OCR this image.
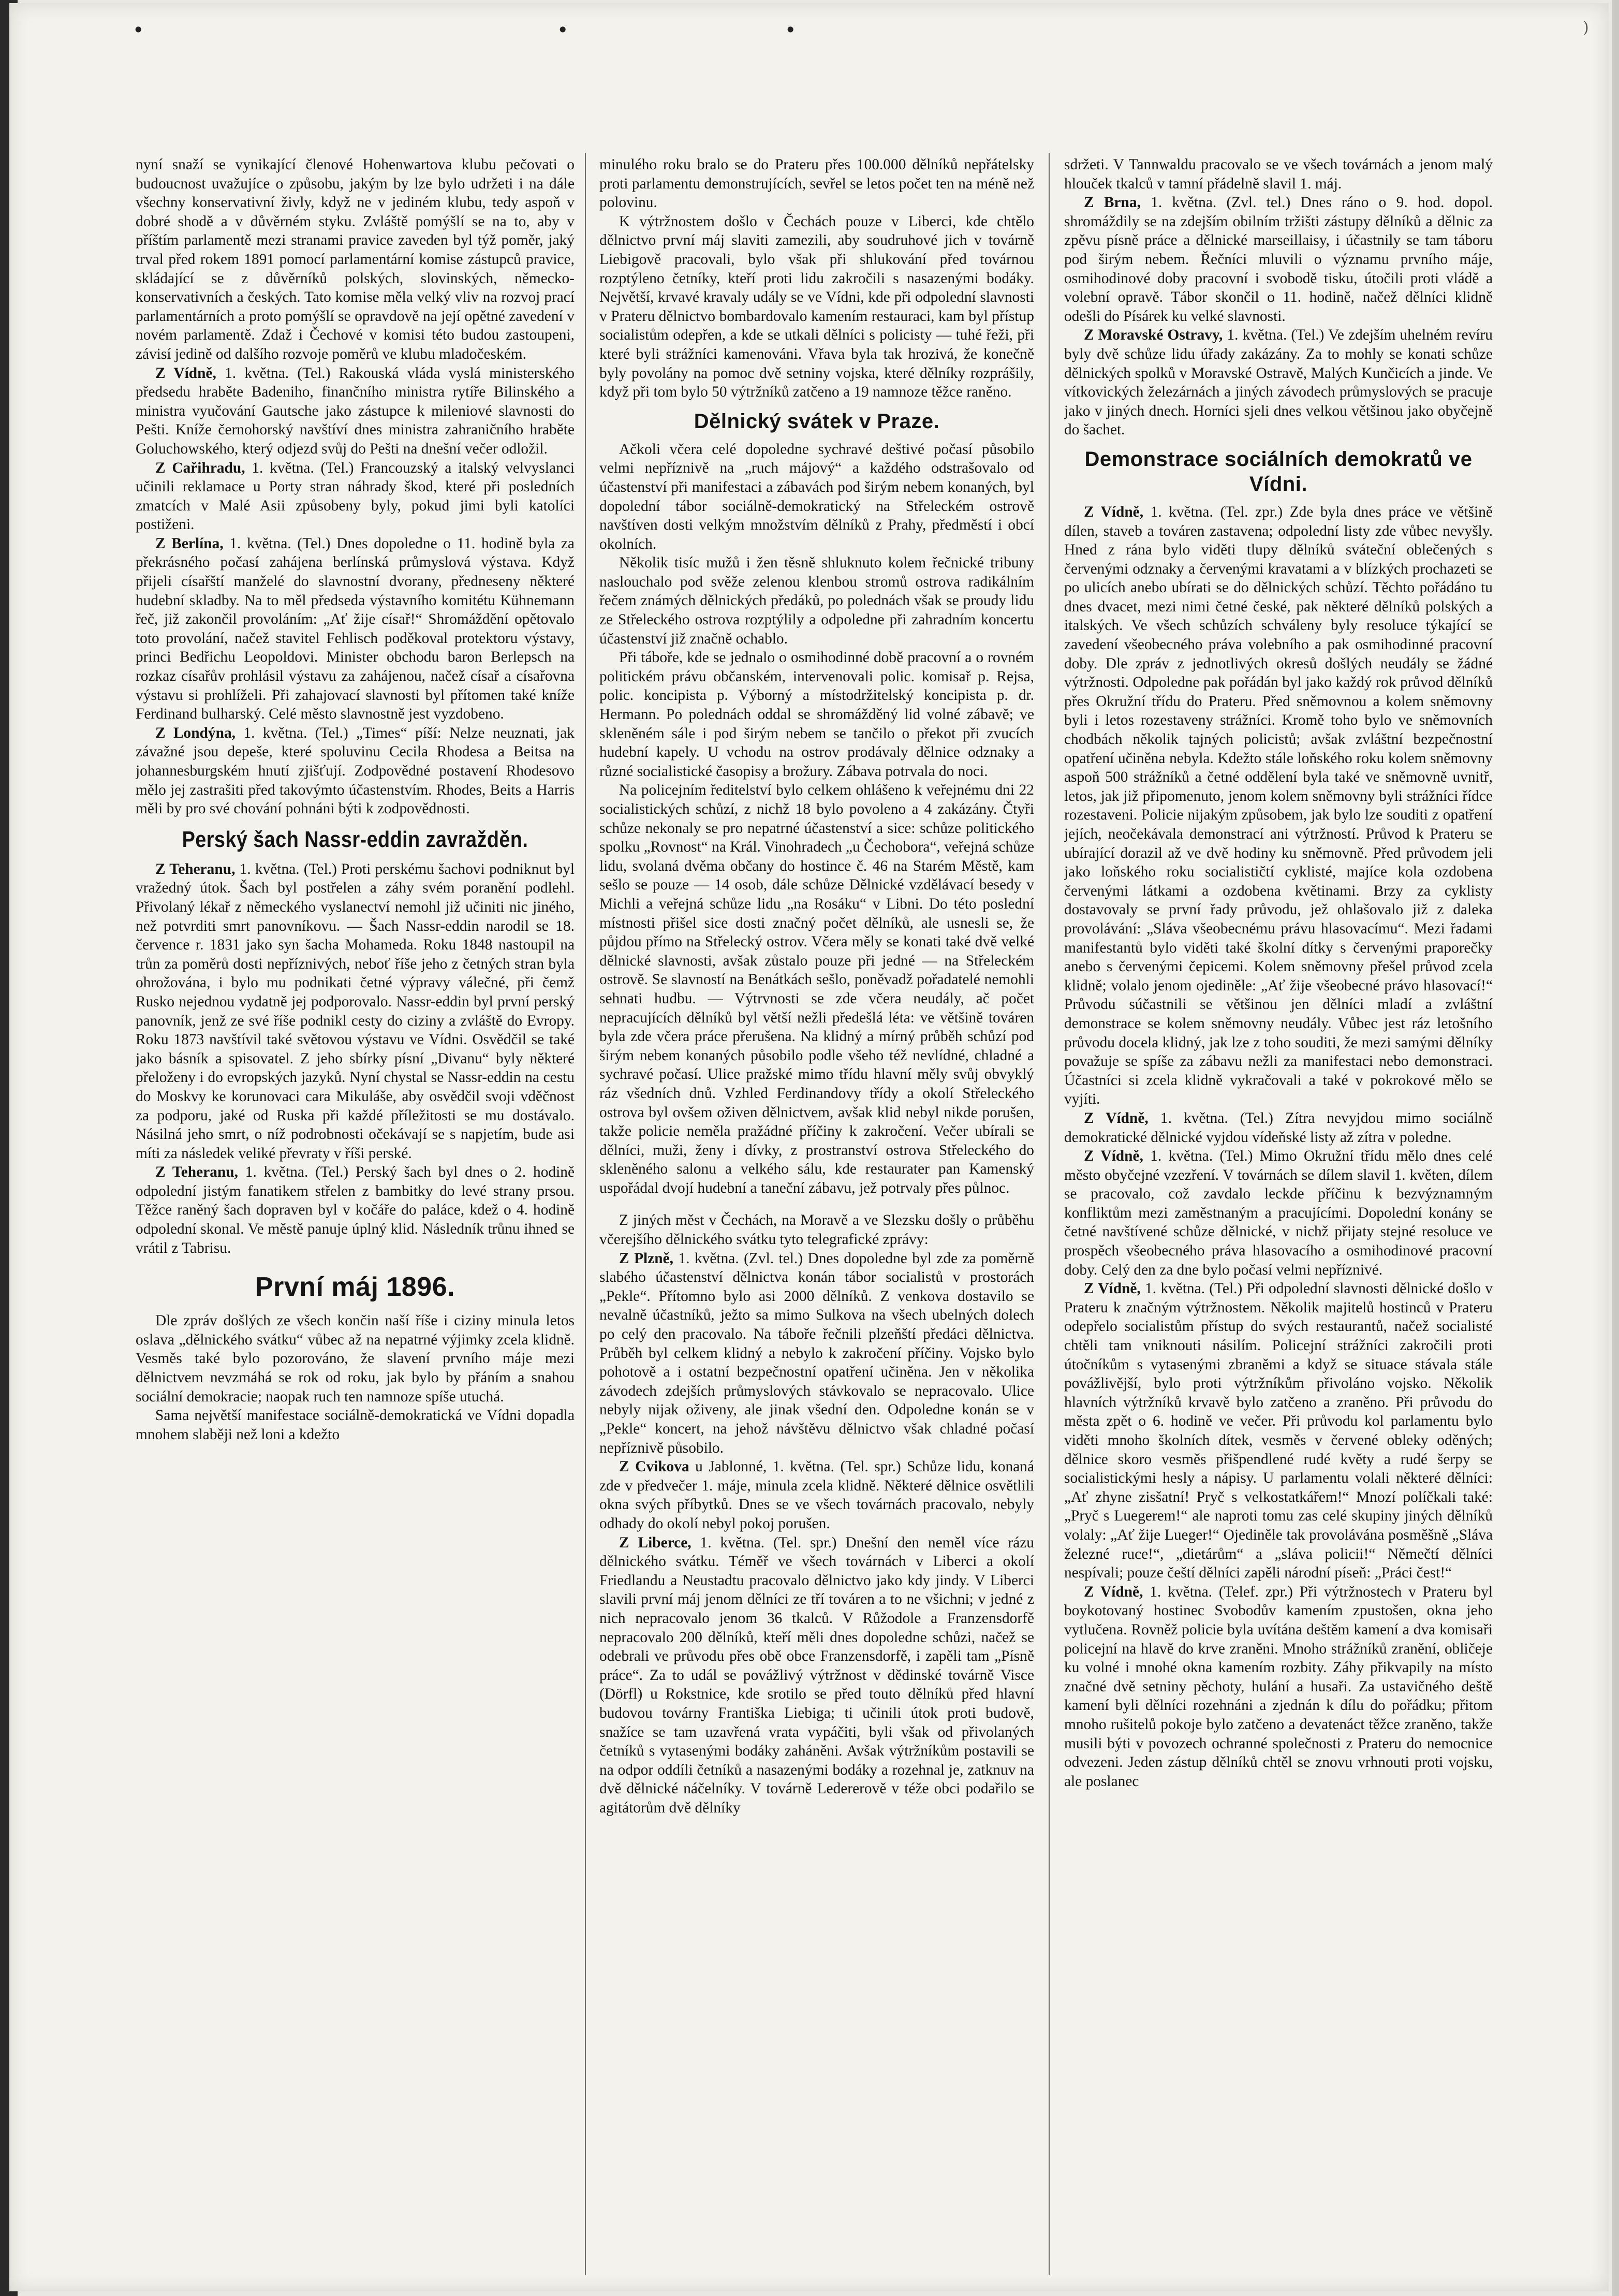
•	•	•	)

nyní snaží se vynikající členové Hohenwartova klubu pečovati o budoucnost uvažujíce o způsobu, jakým by lze bylo udržeti i na dále všechny konservativní živly, když ne v jediném klubu, tedy aspoň v dobré shodě a v důvěrném styku. Zvláště pomýšlí se na to, aby v příštím parlamentě mezi stranami pravice zaveden byl týž poměr, jaký trval před rokem 1891 pomocí parlamentární komise zástupců pravice, skládající se z důvěrníků polských, slovinských, německo-konservativních a českých. Tato komise měla velký vliv na rozvoj prací parlamentárních a proto pomýšlí se opravdově na její opětné zavedení v novém parlamentě. Zdaž i Čechové v komisi této budou zastoupeni, závisí jedině od dalšího rozvoje poměrů ve klubu mladočeském.

Z Vídně, 1. května. (Tel.) Rakouská vláda vyslá ministerského předsedu hraběte Badeniho, finančního ministra rytíře Bilinského a ministra vyučování Gautsche jako zástupce k mileniové slavnosti do Pešti. Kníže černohorský navštíví dnes ministra zahraničního hraběte Goluchowského, který odjezd svůj do Pešti na dnešní večer odložil.

Z Cařihradu, 1. května. (Tel.) Francouzský a italský velvyslanci učinili reklamace u Porty stran náhrady škod, které při posledních zmatcích v Malé Asii způsobeny byly, pokud jimi byli katolíci postiženi.

Z Berlína, 1. května. (Tel.) Dnes dopoledne o 11. hodině byla za překrásného počasí zahájena berlínská průmyslová výstava. Když přijeli císařští manželé do slavnostní dvorany, předneseny některé hudební skladby. Na to měl předseda výstavního komitétu Kühnemann řeč, již zakončil provoláním: „Ať žije císař!“ Shromáždění opětovalo toto provolání, načež stavitel Fehlisch poděkoval protektoru výstavy, princi Bedřichu Leopoldovi. Minister obchodu baron Berlepsch na rozkaz císařův prohlásil výstavu za zahájenou, načež císař a císařovna výstavu si prohlíželi. Při zahajovací slavnosti byl přítomen také kníže Ferdinand bulharský. Celé město slavnostně jest vyzdobeno.

Z Londýna, 1. května. (Tel.) „Times“ píší: Nelze neuznati, jak závažné jsou depeše, které spoluvinu Cecila Rhodesa a Beitsa na johannesburgském hnutí zjišťují. Zodpovědné postavení Rhodesovo mělo jej zastrašiti před takovýmto účastenstvím. Rhodes, Beits a Harris měli by pro své chování pohnáni býti k zodpovědnosti.

Perský šach Nassr-eddin zavražděn.

Z Teheranu, 1. května. (Tel.) Proti perskému šachovi podniknut byl vražedný útok. Šach byl postřelen a záhy svém poranění podlehl. Přivolaný lékař z německého vyslanectví nemohl již učiniti nic jiného, než potvrditi smrt panovníkovu. — Šach Nassr-eddin narodil se 18. července r. 1831 jako syn šacha Mohameda. Roku 1848 nastoupil na trůn za poměrů dosti nepříznivých, neboť říše jeho z četných stran byla ohrožována, i bylo mu podnikati četné výpravy válečné, při čemž Rusko nejednou vydatně jej podporovalo. Nassr-eddin byl první perský panovník, jenž ze své říše podnikl cesty do ciziny a zvláště do Evropy. Roku 1873 navštívil také světovou výstavu ve Vídni. Osvědčil se také jako básník a spisovatel. Z jeho sbírky písní „Divanu“ byly některé přeloženy i do evropských jazyků. Nyní chystal se Nassr-eddin na cestu do Moskvy ke korunovaci cara Mikuláše, aby osvědčil svoji vděčnost za podporu, jaké od Ruska při každé příležitosti se mu dostávalo. Násilná jeho smrt, o níž podrobnosti očekávají se s napjetím, bude asi míti za následek veliké převraty v říši perské.

Z Teheranu, 1. května. (Tel.) Perský šach byl dnes o 2. hodině odpolední jistým fanatikem střelen z bambitky do levé strany prsou. Těžce raněný šach dopraven byl v kočáře do paláce, kdež o 4. hodině odpolední skonal. Ve městě panuje úplný klid. Následník trůnu ihned se vrátil z Tabrisu.

První máj 1896.

Dle zpráv došlých ze všech končin naší říše i ciziny minula letos oslava „dělnického svátku“ vůbec až na nepatrné výjimky zcela klidně. Vesměs také bylo pozorováno, že slavení prvního máje mezi dělnictvem nevzmáhá se rok od roku, jak bylo by přáním a snahou sociální demokracie; naopak ruch ten namnoze spíše utuchá.

Sama největší manifestace sociálně-demokratická ve Vídni dopadla mnohem slaběji než loni a kdežto

minulého roku bralo se do Prateru přes 100.000 dělníků nepřátelsky proti parlamentu demonstrujících, sevřel se letos počet ten na méně než polovinu.

K výtržnostem došlo v Čechách pouze v Liberci, kde chtělo dělnictvo první máj slaviti zamezili, aby soudruhové jich v továrně Liebigově pracovali, bylo však při shlukování před továrnou rozptýleno četníky, kteří proti lidu zakročili s nasazenými bodáky. Největší, krvavé kravaly udály se ve Vídni, kde při odpolední slavnosti v Prateru dělnictvo bombardovalo kamením restauraci, kam byl přístup socialistům odepřen, a kde se utkali dělníci s policisty — tuhé řeži, při které byli strážníci kamenováni. Vřava byla tak hrozivá, že konečně byly povolány na pomoc dvě setniny vojska, které dělníky rozprášily, když při tom bylo 50 výtržníků zatčeno a 19 namnoze těžce raněno.

Dělnický svátek v Praze.

Ačkoli včera celé dopoledne sychravé deštivé počasí působilo velmi nepříznivě na „ruch májový“ a každého odstrašovalo od účastenství při manifestaci a zábavách pod širým nebem konaných, byl dopolední tábor sociálně-demokratický na Střeleckém ostrově navštíven dosti velkým množstvím dělníků z Prahy, předměstí i obcí okolních.

Několik tisíc mužů i žen těsně shluknuto kolem řečnické tribuny naslouchalo pod svěže zelenou klenbou stromů ostrova radikálním řečem známých dělnických předáků, po polednách však se proudy lidu ze Střeleckého ostrova rozptýlily a odpoledne při zahradním koncertu účastenství již značně ochablo.

Při táboře, kde se jednalo o osmihodinné době pracovní a o rovném politickém právu občanském, intervenovali polic. komisař p. Rejsa, polic. koncipista p. Výborný a místodržitelský koncipista p. dr. Hermann. Po polednách oddal se shromážděný lid volné zábavě; ve skleněném sále i pod širým nebem se tančilo o překot při zvucích hudební kapely. U vchodu na ostrov prodávaly dělnice odznaky a různé socialistické časopisy a brožury. Zábava potrvala do noci.

Na policejním ředitelství bylo celkem ohlášeno k veřejnému dni 22 socialistických schůzí, z nichž 18 bylo povoleno a 4 zakázány. Čtyři schůze nekonaly se pro nepatrné účastenství a sice: schůze politického spolku „Rovnost“ na Král. Vinohradech „u Čechoborа“, veřejná schůze lidu, svolaná dvěma občany do hostince č. 46 na Starém Městě, kam sešlo se pouze — 14 osob, dále schůze Dělnické vzdělávací besedy v Michli a veřejná schůze lidu „na Rosáku“ v Libni. Do této poslední místnosti přišel sice dosti značný počet dělníků, ale usnesli se, že půjdou přímo na Střelecký ostrov. Včera měly se konati také dvě velké dělnické slavnosti, avšak zůstalo pouze při jedné — na Střeleckém ostrově. Se slavností na Benátkách sešlo, poněvadž pořadatelé nemohli sehnati hudbu. — Výtrvnosti se zde včera neudály, ač počet nepracujících dělníků byl větší nežli předešlá léta: ve většině továren byla zde včera práce přerušena. Na klidný a mírný průběh schůzí pod širým nebem konaných působilo podle všeho též nevlídné, chladné a sychravé počasí. Ulice pražské mimo třídu hlavní měly svůj obvyklý ráz všedních dnů. Vzhled Ferdinandovy třídy a okolí Střeleckého ostrova byl ovšem oživen dělnictvem, avšak klid nebyl nikde porušen, takže policie neměla pražádné příčiny k zakročení. Večer ubírali se dělníci, muži, ženy i dívky, z prostranství ostrova Střeleckého do skleněného salonu a velkého sálu, kde restaurater pan Kamenský uspořádal dvojí hudební a taneční zábavu, jež potrvaly přes půlnoc.

Z jiných měst v Čechách, na Moravě a ve Slezsku došly o průběhu včerejšího dělnického svátku tyto telegrafické zprávy:

Z Plzně, 1. května. (Zvl. tel.) Dnes dopoledne byl zde za poměrně slabého účastenství dělnictva konán tábor socialistů v prostorách „Pekle“. Přítomno bylo asi 2000 dělníků. Z venkova dostavilo se nevalně účastníků, ježto sa mimo Sulkova na všech ubelných dolech po celý den pracovalo. Na táboře řečnili plzeňští předáci dělnictva. Průběh byl celkem klidný a nebylo k zakročení příčiny. Vojsko bylo pohotově a i ostatní bezpečnostní opatření učiněna. Jen v několika závodech zdejších průmyslových stávkovalo se nepracovalo. Ulice nebyly nijak oživeny, ale jinak všední den. Odpoledne konán se v „Pekle“ koncert, na jehož návštěvu dělnictvo však chladné počasí nepříznivě působilo.

Z Cvikova u Jablonné, 1. května. (Tel. spr.) Schůze lidu, konaná zde v předvečer 1. máje, minula zcela klidně. Některé dělnice osvětlili okna svých příbytků. Dnes se ve všech továrnách pracovalo, nebyly odhady do okolí nebyl pokoj porušen.

Z Liberce, 1. května. (Tel. spr.) Dnešní den neměl více rázu dělnického svátku. Téměř ve všech továrnách v Liberci a okolí Friedlandu a Neustadtu pracovalo dělnictvo jako kdy jindy. V Liberci slavili první máj jenom dělníci ze tří továren a to ne všichni; v jedné z nich nepracovalo jenom 36 tkalců. V Růžodole a Franzensdorfě nepracovalo 200 dělníků, kteří měli dnes dopoledne schůzi, načež se odebrali ve průvodu přes obě obce Franzensdorfě, i zapěli tam „Písně práce“. Za to udál se povážlivý výtržnost v dědinské továrně Visce (Dörfl) u Rokstnice, kde srotilo se před touto dělníků před hlavní budovou továrny Františka Liebiga; ti učinili útok proti budově, snažíce se tam uzavřená vrata vypáčiti, byli však od přivolaných četníků s vytasenými bodáky zaháněni. Avšak výtržníkům postavili se na odpor oddíli četníků a nasazenými bodáky a rozehnal je, zatknuv na dvě dělnické náčelníky. V továrně Ledererově v téže obci podařilo se agitátorům dvě dělníky

sdržeti. V Tannwaldu pracovalo se ve všech továrnách a jenom malý hlouček tkalců v tamní přádelně slavil 1. máj.

Z Brna, 1. května. (Zvl. tel.) Dnes ráno o 9. hod. dopol. shromáždily se na zdejším obilním tržišti zástupy dělníků a dělnic za zpěvu písně práce a dělnické marseillaisy, i účastnily se tam táboru pod širým nebem. Řečníci mluvili o významu prvního máje, osmihodinové doby pracovní i svobodě tisku, útočili proti vládě a volební opravě. Tábor skončil o 11. hodině, načež dělníci klidně odešli do Písárek ku velké slavnosti.

Z Moravské Ostravy, 1. května. (Tel.) Ve zdejším uhelném revíru byly dvě schůze lidu úřady zakázány. Za to mohly se konati schůze dělnických spolků v Moravské Ostravě, Malých Kunčicích a jinde. Ve vítkovických železárnách a jiných závodech průmyslových se pracuje jako v jiných dnech. Horníci sjeli dnes velkou většinou jako obyčejně do šachet.

Demonstrace sociálních demokratů ve Vídni.

Z Vídně, 1. května. (Tel. zpr.) Zde byla dnes práce ve většině dílen, staveb a továren zastavena; odpolední listy zde vůbec nevyšly. Hned z rána bylo viděti tlupy dělníků sváteční oblečených s červenými odznaky a červenými kravatami a v blízkých prochazeti se po ulicích anebo ubírati se do dělnických schůzí. Těchto pořádáno tu dnes dvacet, mezi nimi četné české, pak některé dělníků polských a italských. Ve všech schůzích schváleny byly resoluce týkající se zavedení všeobecného práva volebního a pak osmihodinné pracovní doby. Dle zpráv z jednotlivých okresů došlých neudály se žádné výtržnosti. Odpoledne pak pořádán byl jako každý rok průvod dělníků přes Okružní třídu do Prateru. Před sněmovnou a kolem sněmovny byli i letos rozestaveny strážníci. Kromě toho bylo ve sněmovních chodbách několik tajných policistů; avšak zvláštní bezpečnostní opatření učiněna nebyla. Kdežto stále loňského roku kolem sněmovny aspoň 500 strážníků a četné oddělení byla také ve sněmovně uvnitř, letos, jak již připomenuto, jenom kolem sněmovny byli strážníci řídce rozestaveni. Policie nijakým způsobem, jak bylo lze souditi z opatření jejích, neočekávala demonstrací ani výtržností. Průvod k Prateru se ubírající dorazil až ve dvě hodiny ku sněmovně. Před průvodem jeli jako loňského roku socialističtí cyklisté, majíce kola ozdobena červenými látkami a ozdobena květinami. Brzy za cyklisty dostavovaly se první řady průvodu, jež ohlašovalo již z daleka provolávání: „Sláva všeobecnému právu hlasovacímu“. Mezi řadami manifestantů bylo viděti také školní dítky s červenými praporečky anebo s červenými čepicemi. Kolem sněmovny přešel průvod zcela klidně; volalo jenom ojediněle: „Ať žije všeobecné právo hlasovací!“ Průvodu súčastnili se většinou jen dělníci mladí a zvláštní demonstrace se kolem sněmovny neudály. Vůbec jest ráz letošního průvodu docela klidný, jak lze z toho souditi, že mezi samými dělníky považuje se spíše za zábavu nežli za manifestaci nebo demonstraci. Účastníci si zcela klidně vykračovali a také v pokrokové mělo se vyjíti.

Z Vídně, 1. května. (Tel.) Zítra nevyjdou mimo sociálně demokratické dělnické vyjdou vídeňské listy až zítra v poledne.

Z Vídně, 1. května. (Tel.) Mimo Okružní třídu mělo dnes celé město obyčejné vzezření. V továrnách se dílem slavil 1. květen, dílem se pracovalo, což zavdalo leckde příčinu k bezvýznamným konfliktům mezi zaměstnaným a pracujícími. Dopolední konány se četné navštívené schůze dělnické, v nichž přijaty stejné resoluce ve prospěch všeobecného práva hlasovacího a osmihodinové pracovní doby. Celý den za dne bylo počasí velmi nepříznivé.

Z Vídně, 1. května. (Tel.) Při odpolední slavnosti dělnické došlo v Prateru k značným výtržnostem. Několik majitelů hostinců v Prateru odepřelo socialistům přístup do svých restaurantů, načež socialisté chtěli tam vniknouti násilím. Policejní strážníci zakročili proti útočníkům s vytasenými zbraněmi a když se situace stávala stále povážlivější, bylo proti výtržníkům přivoláno vojsko. Několik hlavních výtržníků krvavě bylo zatčeno a zraněno. Při průvodu do města zpět o 6. hodině ve večer. Při průvodu kol parlamentu bylo viděti mnoho školních dítek, vesměs v červené obleky oděných; dělnice skoro vesměs přišpendlené rudé květy a rudé šerpy se socialistickými hesly a nápisy. U parlamentu volali některé dělníci: „Ať zhyne zisšatní! Pryč s velkostatkářem!“ Mnozí políčkali také: „Pryč s Luegerem!“ ale naproti tomu zas celé skupiny jiných dělníků volaly: „Ať žije Lueger!“ Ojediněle tak provolávána posměšně „Sláva železné ruce!“, „dietárům“ a „sláva policii!“ Němečtí dělníci nespívali; pouze čeští dělníci zapěli národní píseň: „Práci čest!“

Z Vídně, 1. května. (Telef. zpr.) Při výtržnostech v Prateru byl boykotovaný hostinec Svobodův kamením zpustošen, okna jeho vytlučena. Rovněž policie byla uvítána deštěm kamení a dva komisaři policejní na hlavě do krve zraněni. Mnoho strážníků zranění, obličeje ku volné i mnohé okna kamením rozbity. Záhy přikvapily na místo značné dvě setniny pěchoty, hulání a husaři. Za ustavičného deště kamení byli dělníci rozehnáni a zjednán k dílu do pořádku; přitom mnoho rušitelů pokoje bylo zatčeno a devatenáct těžce zraněno, takže musili býti v povozech ochranné společnosti z Prateru do nemocnice odvezeni. Jeden zástup dělníků chtěl se znovu vrhnouti proti vojsku, ale poslanec
